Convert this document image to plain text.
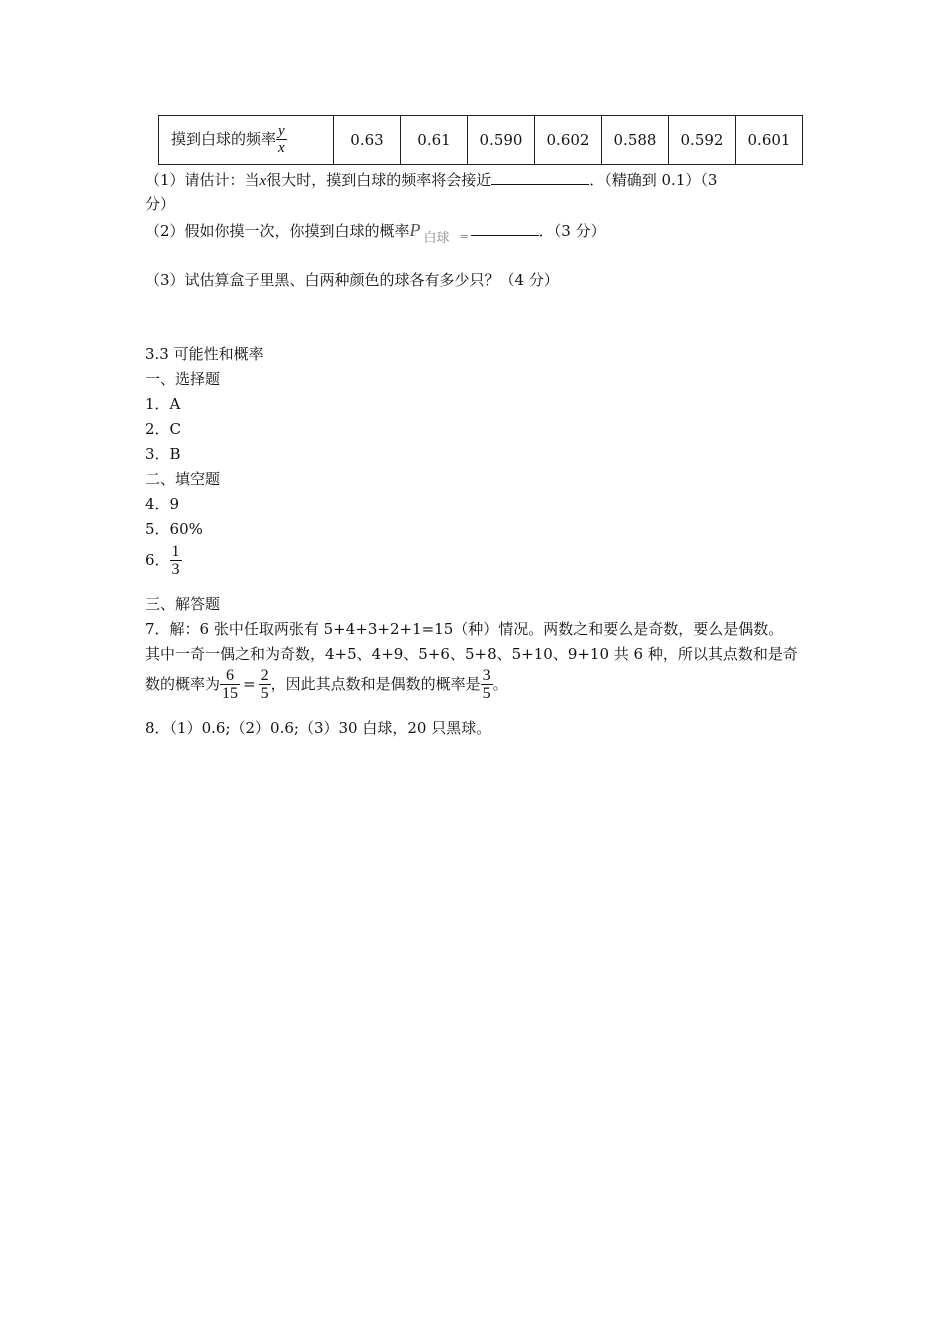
摸到白球的频率 $\frac{y}{x}$	0.63	0.61	0.590	0.602	0.588	0.592	0.601
（1）请估计：当x很大时，摸到白球的频率将会接近	．（精确到 0.1）（3
分）
（2）假如你摸一次，你摸到白球的概率P 白球 $_=$	．（3 分）
（3）试估算盒子里黑、白两种颜色的球各有多少只？（4 分）
3.3 可能性和概率
一、选择题
1．A
2．C
3．B
二、填空题
4．9
5．60%
6． $\frac{1}{3}$
三、解答题
7．解：6 张中任取两张有 5+4+3+2+1=15（种）情况。两数之和要么是奇数，要么是偶数。
其中一奇一偶之和为奇数，4+5、4+9、5+6、5+8、5+10、9+10 共 6 种，所以其点数和是奇
数的概率为 $\frac{6}{15} = \frac{2}{5}$ ，因此其点数和是偶数的概率是 $\frac{3}{5}$ 。
8．（1）0.6;（2）0.6;（3）30 白球，20 只黑球。
